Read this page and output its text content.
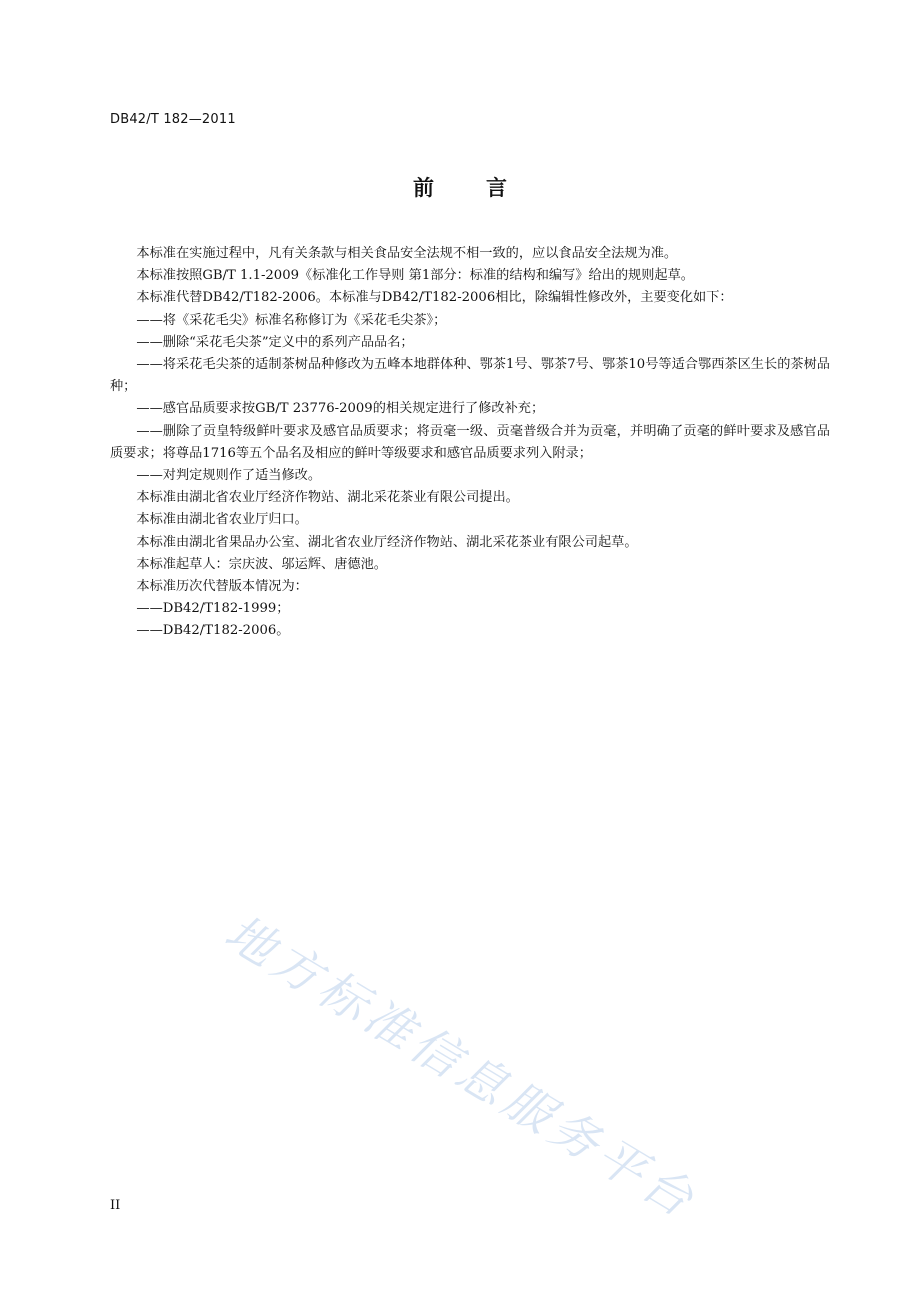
DB42/T 182—2011
前 言

本标准在实施过程中，凡有关条款与相关食品安全法规不相一致的，应以食品安全法规为准。

本标准按照GB/T 1.1-2009《标准化工作导则 第1部分：标准的结构和编写》给出的规则起草。

本标准代替DB42/T182-2006。本标准与DB42/T182-2006相比，除编辑性修改外，主要变化如下：

——将《采花毛尖》标准名称修订为《采花毛尖茶》；

——删除“采花毛尖茶”定义中的系列产品品名；

——将采花毛尖茶的适制茶树品种修改为五峰本地群体种、鄂茶1号、鄂茶7号、鄂茶10号等适合鄂西茶区生长的茶树品种；

——感官品质要求按GB/T 23776-2009的相关规定进行了修改补充；

——删除了贡皇特级鲜叶要求及感官品质要求；将贡毫一级、贡毫普级合并为贡毫，并明确了贡毫的鲜叶要求及感官品质要求；将尊品1716等五个品名及相应的鲜叶等级要求和感官品质要求列入附录；

——对判定规则作了适当修改。

本标准由湖北省农业厅经济作物站、湖北采花茶业有限公司提出。

本标准由湖北省农业厅归口。

本标准由湖北省果品办公室、湖北省农业厅经济作物站、湖北采花茶业有限公司起草。

本标准起草人：宗庆波、邬运辉、唐德池。

本标准历次代替版本情况为：

——DB42/T182-1999；

——DB42/T182-2006。

地方标准信息服务平台
II
